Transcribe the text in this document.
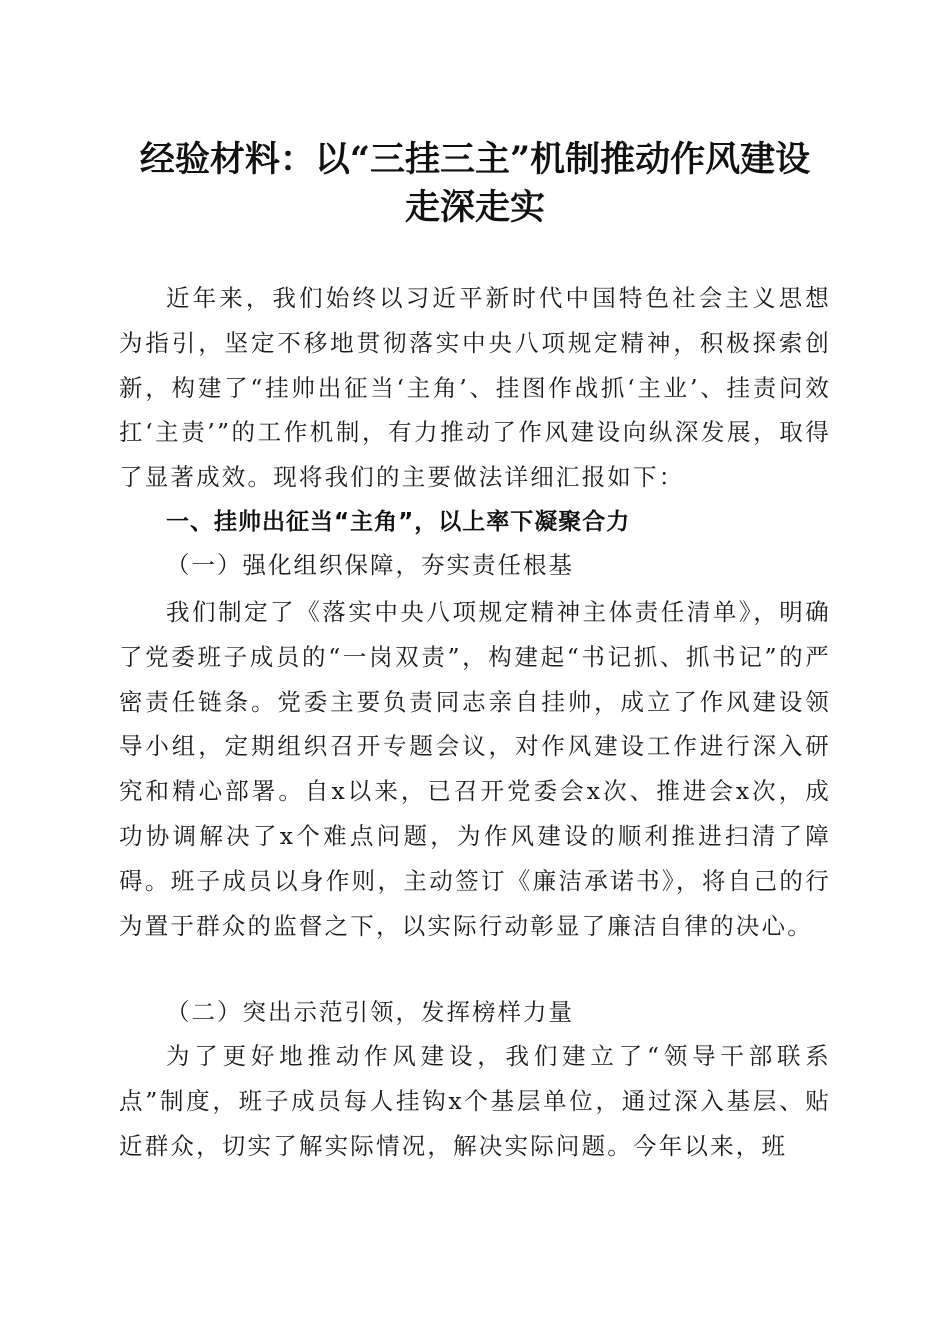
经验材料：以“三挂三主”机制推动作风建设
走深走实

近年来，我们始终以习近平新时代中国特色社会主义思想为指引，坚定不移地贯彻落实中央八项规定精神，积极探索创新，构建了“挂帅出征当‘主角’、挂图作战抓‘主业’、挂责问效扛‘主责’”的工作机制，有力推动了作风建设向纵深发展，取得了显著成效。现将我们的主要做法详细汇报如下：

一、挂帅出征当“主角”，以上率下凝聚合力

（一）强化组织保障，夯实责任根基

我们制定了《落实中央八项规定精神主体责任清单》，明确了党委班子成员的“一岗双责”，构建起“书记抓、抓书记”的严密责任链条。党委主要负责同志亲自挂帅，成立了作风建设领导小组，定期组织召开专题会议，对作风建设工作进行深入研究和精心部署。自x以来，已召开党委会x次、推进会x次，成功协调解决了x个难点问题，为作风建设的顺利推进扫清了障碍。班子成员以身作则，主动签订《廉洁承诺书》，将自己的行为置于群众的监督之下，以实际行动彰显了廉洁自律的决心。

（二）突出示范引领，发挥榜样力量

为了更好地推动作风建设，我们建立了“领导干部联系点”制度，班子成员每人挂钩x个基层单位，通过深入基层、贴近群众，切实了解实际情况，解决实际问题。今年以来，班
